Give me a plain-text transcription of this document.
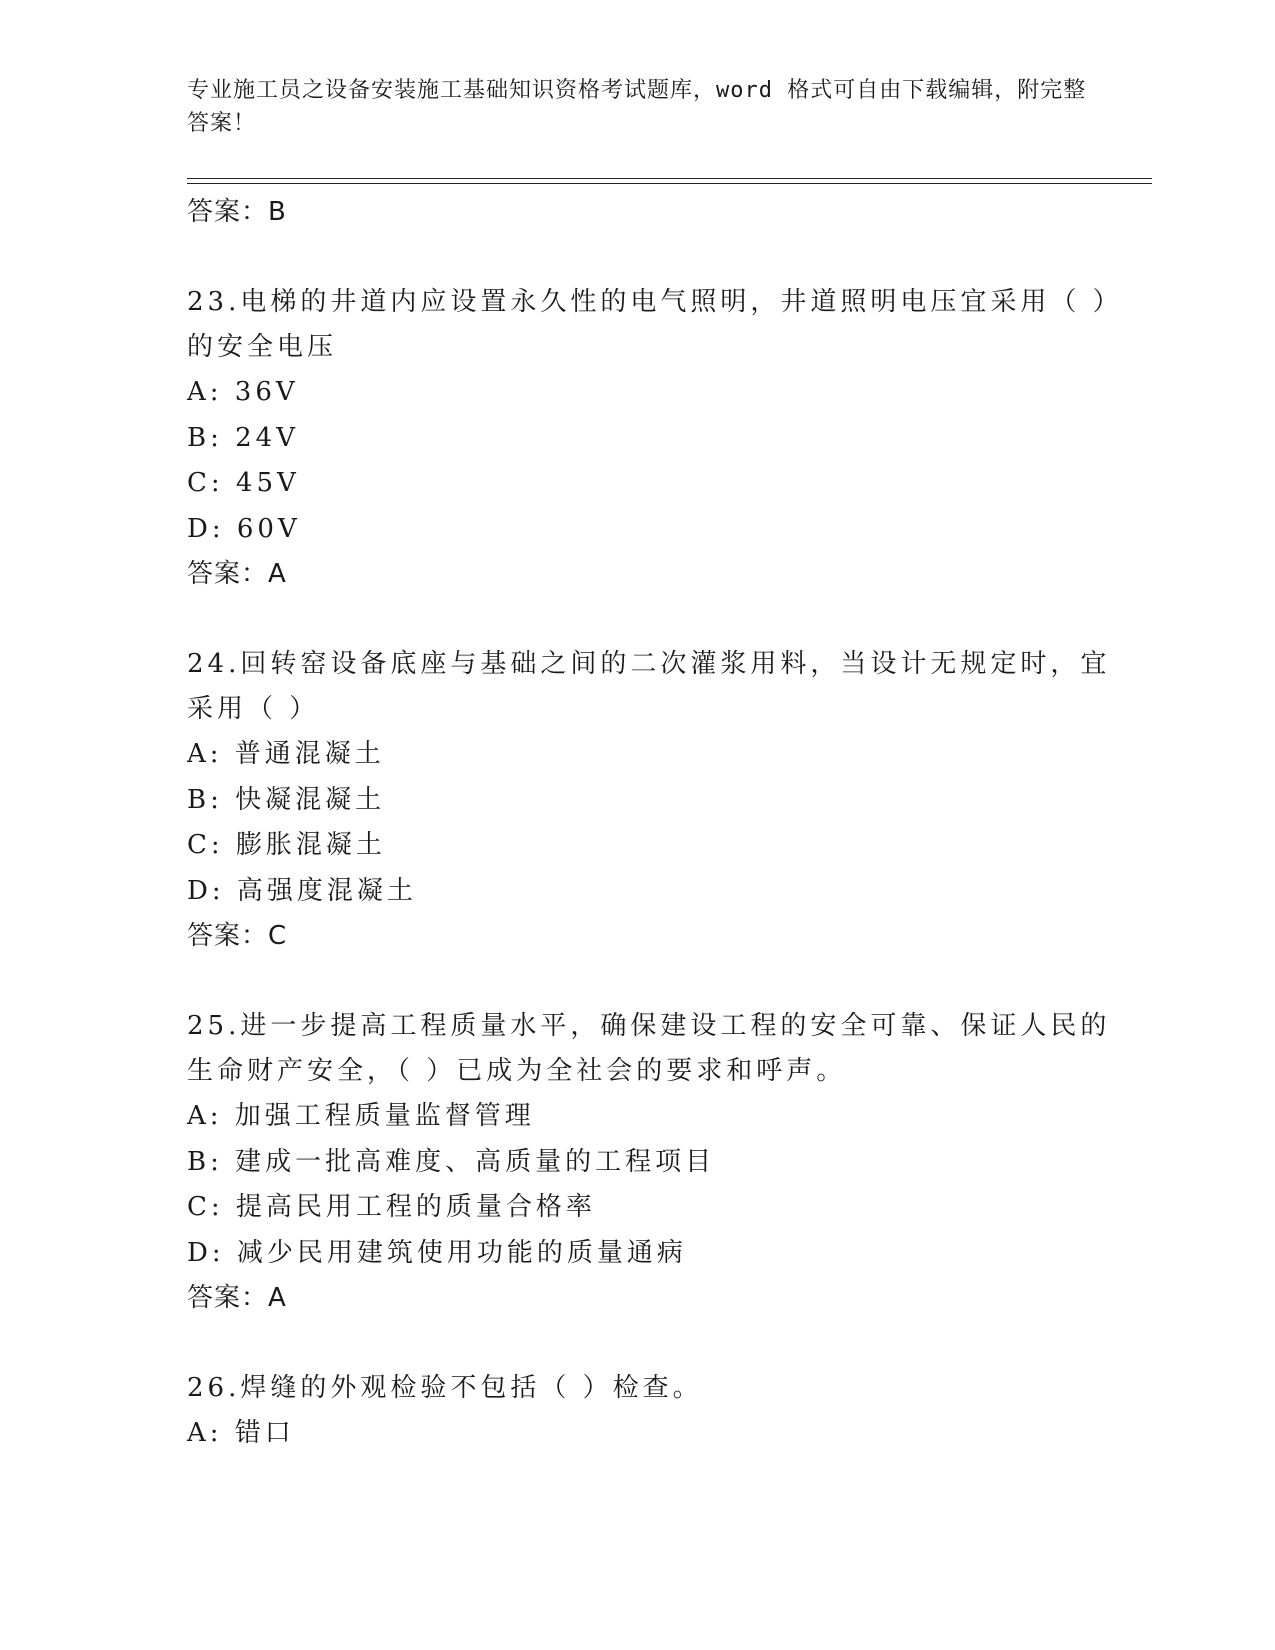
专业施工员之设备安装施工基础知识资格考试题库，word 格式可自由下载编辑，附完整答案！
答案：B
23.电梯的井道内应设置永久性的电气照明，井道照明电压宜采用（ ）的安全电压
A: 36V
B: 24V
C: 45V
D: 60V
答案：A
24.回转窑设备底座与基础之间的二次灌浆用料，当设计无规定时，宜采用（ ）
A: 普通混凝土
B: 快凝混凝土
C: 膨胀混凝土
D: 高强度混凝土
答案：C
25.进一步提高工程质量水平，确保建设工程的安全可靠、保证人民的生命财产安全，（ ）已成为全社会的要求和呼声。
A: 加强工程质量监督管理
B: 建成一批高难度、高质量的工程项目
C: 提高民用工程的质量合格率
D: 减少民用建筑使用功能的质量通病
答案：A
26.焊缝的外观检验不包括（ ）检查。
A: 错口
